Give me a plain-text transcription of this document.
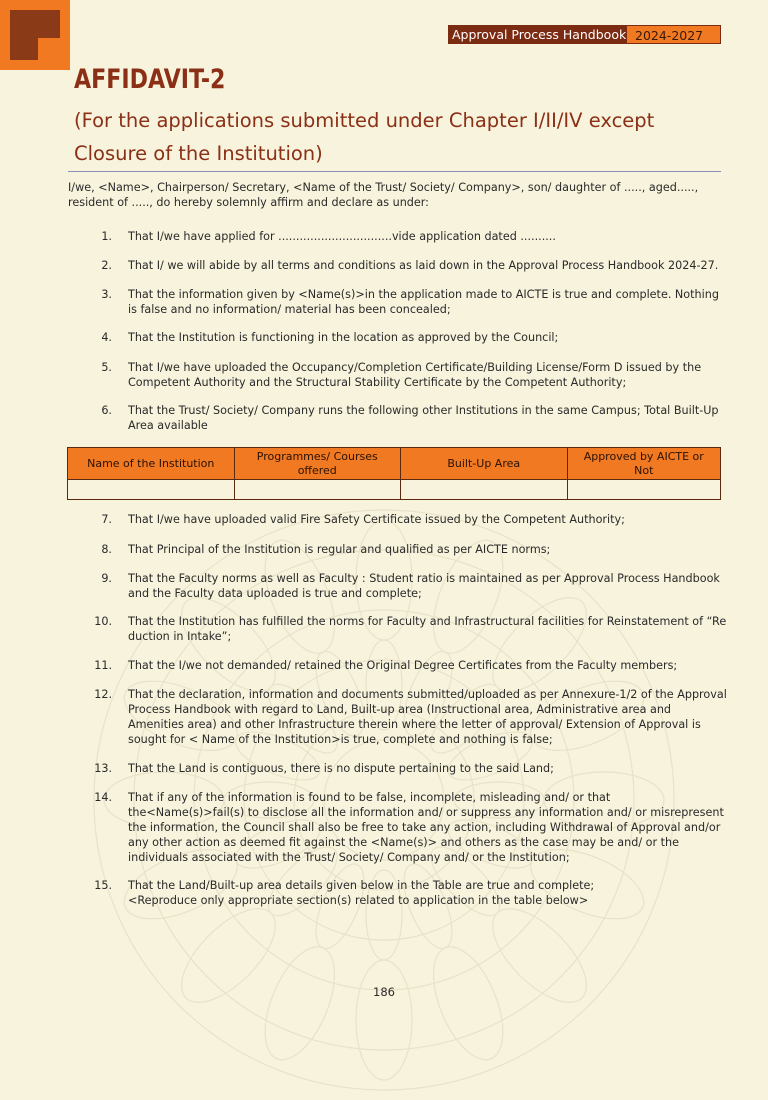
Approval Process Handbook 2024-2027
AFFIDAVIT-2
(For the applications submitted under Chapter I/II/IV except Closure of the Institution)
I/we, <Name>, Chairperson/ Secretary, <Name of the Trust/ Society/ Company>, son/ daughter of ....., aged....., resident of ....., do hereby solemnly affirm and declare as under:
1.	That I/we have applied for ................................vide application dated ..........
2.	That I/ we will abide by all terms and conditions as laid down in the Approval Process Handbook 2024-27.
3.	That the information given by <Name(s)>in the application made to AICTE is true and complete. Nothing is false and no information/ material has been concealed;
4.	That the Institution is functioning in the location as approved by the Council;
5.	That I/we have uploaded the Occupancy/Completion Certificate/Building License/Form D issued by the Competent Authority and the Structural Stability Certificate by the Competent Authority;
6.	That the Trust/ Society/ Company runs the following other Institutions in the same Campus; Total Built-Up Area available
Name of the Institution	Programmes/ Courses offered	Built-Up Area	Approved by AICTE or Not

7.	That I/we have uploaded valid Fire Safety Certificate issued by the Competent Authority;
8.	That Principal of the Institution is regular and qualified as per AICTE norms;
9.	That the Faculty norms as well as Faculty : Student ratio is maintained as per Approval Process Handbook and the Faculty data uploaded is true and complete;
10.	That the Institution has fulfilled the norms for Faculty and Infrastructural facilities for Reinstatement of “Re duction in Intake”;
11.	That the I/we not demanded/ retained the Original Degree Certificates from the Faculty members;
12.	That the declaration, information and documents submitted/uploaded as per Annexure-1/2 of the Approval Process Handbook with regard to Land, Built-up area (Instructional area, Administrative area and Amenities area) and other Infrastructure therein where the letter of approval/ Extension of Approval is sought for < Name of the Institution>is true, complete and nothing is false;
13.	That the Land is contiguous, there is no dispute pertaining to the said Land;
14.	That if any of the information is found to be false, incomplete, misleading and/ or that the<Name(s)>fail(s) to disclose all the information and/ or suppress any information and/ or misrepresent the information, the Council shall also be free to take any action, including Withdrawal of Approval and/or any other action as deemed fit against the <Name(s)> and others as the case may be and/ or the individuals associated with the Trust/ Society/ Company and/ or the Institution;
15.	That the Land/Built-up area details given below in the Table are true and complete;
<Reproduce only appropriate section(s) related to application in the table below>
186
